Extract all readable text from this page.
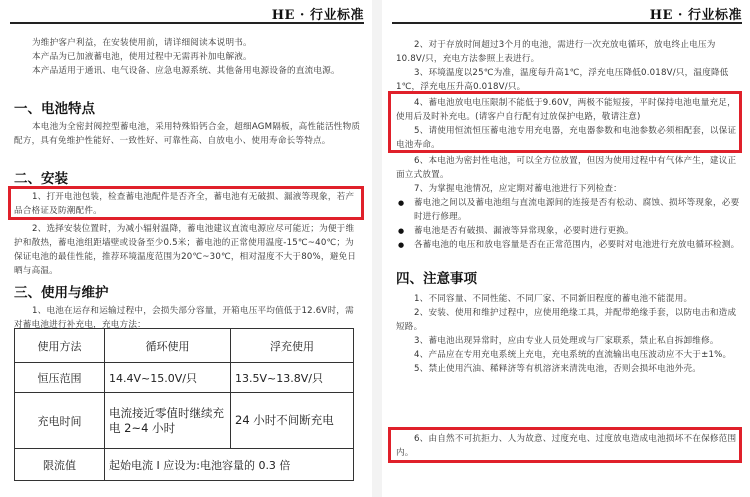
HE · 行业标准

为维护客户利益，在安装使用前，请详细阅读本说明书。

本产品为已加液蓄电池，使用过程中无需再补加电解液。

本产品适用于通讯、电气设备、应急电源系统、其他备用电源设备的直流电源。

一、电池特点

本电池为全密封阀控型蓄电池，采用特殊铅钙合金，超细AGM隔板，高性能活性物质配方，具有免维护性能好、一致性好、可靠性高、自放电小、使用寿命长等特点。

二、安装
1、打开电池包装，检查蓄电池配件是否齐全，蓄电池有无破损、漏液等现象，若产品合格证及防潮配件。
2、选择安装位置时，为减小辐射温降，蓄电池建议直流电源应尽可能近；为便于维护和散热，蓄电池组距墙壁或设备至少0.5米；蓄电池的正常使用温度-15℃~40℃；为保证电池的最佳性能，推荐环境温度范围为20℃~30℃，相对湿度不大于80%，避免日晒与高温。
三、使用与维护
1、电池在运存和运输过程中，会损失部分容量，开箱电压平均值低于12.6V时，需对蓄电池进行补充电，充电方法：
使用方法	循环使用	浮充使用
恒压范围	14.4V~15.0V/只	13.5V~13.8V/只
充电时间	电流接近零值时继续充电 2~4 小时	24 小时不间断充电
限流值	起始电流 I 应设为:电池容量的 0.3 倍	
HE · 行业标准
2、对于存放时间超过3个月的电池，需进行一次充放电循环，放电终止电压为10.8V/只，充电方法参照上表进行。
3、环境温度以25℃为准，温度每升高1℃，浮充电压降低0.018V/只，温度降低1℃，浮充电压升高0.018V/只。
4、蓄电池放电电压限制不能低于9.60V，两极不能短接，平时保持电池电量充足，使用后及时补充电。(请客户自行配有过放保护电路，敬请注意)
5、请使用恒流恒压蓄电池专用充电器，充电器参数和电池参数必须相配套，以保证电池寿命。
6、本电池为密封性电池，可以全方位放置，但因为使用过程中有气体产生，建议正面立式放置。
7、为掌握电池情况，应定期对蓄电池进行下列检查：
● 蓄电池之间以及蓄电池组与直流电源间的连接是否有松动、腐蚀、损坏等现象，必要时进行修理。
● 蓄电池是否有破损、漏液等异常现象，必要时进行更换。
● 各蓄电池的电压和放电容量是否在正常范围内，必要时对电池进行充放电循环检测。
四、注意事项
1、不同容量、不同性能、不同厂家、不同新旧程度的蓄电池不能混用。
2、安装、使用和维护过程中，应使用绝缘工具，并配带绝缘手套，以防电击和造成短路。
3、蓄电池出现异常时，应由专业人员处理或与厂家联系，禁止私自拆卸维修。
4、产品应在专用充电系统上充电，充电系统的直流输出电压波动应不大于±1%。
5、禁止使用汽油、稀释济等有机溶济来清洗电池，否则会损坏电池外壳。
6、由自然不可抗拒力、人为故意、过度充电、过度放电造成电池损坏不在保修范围内。
